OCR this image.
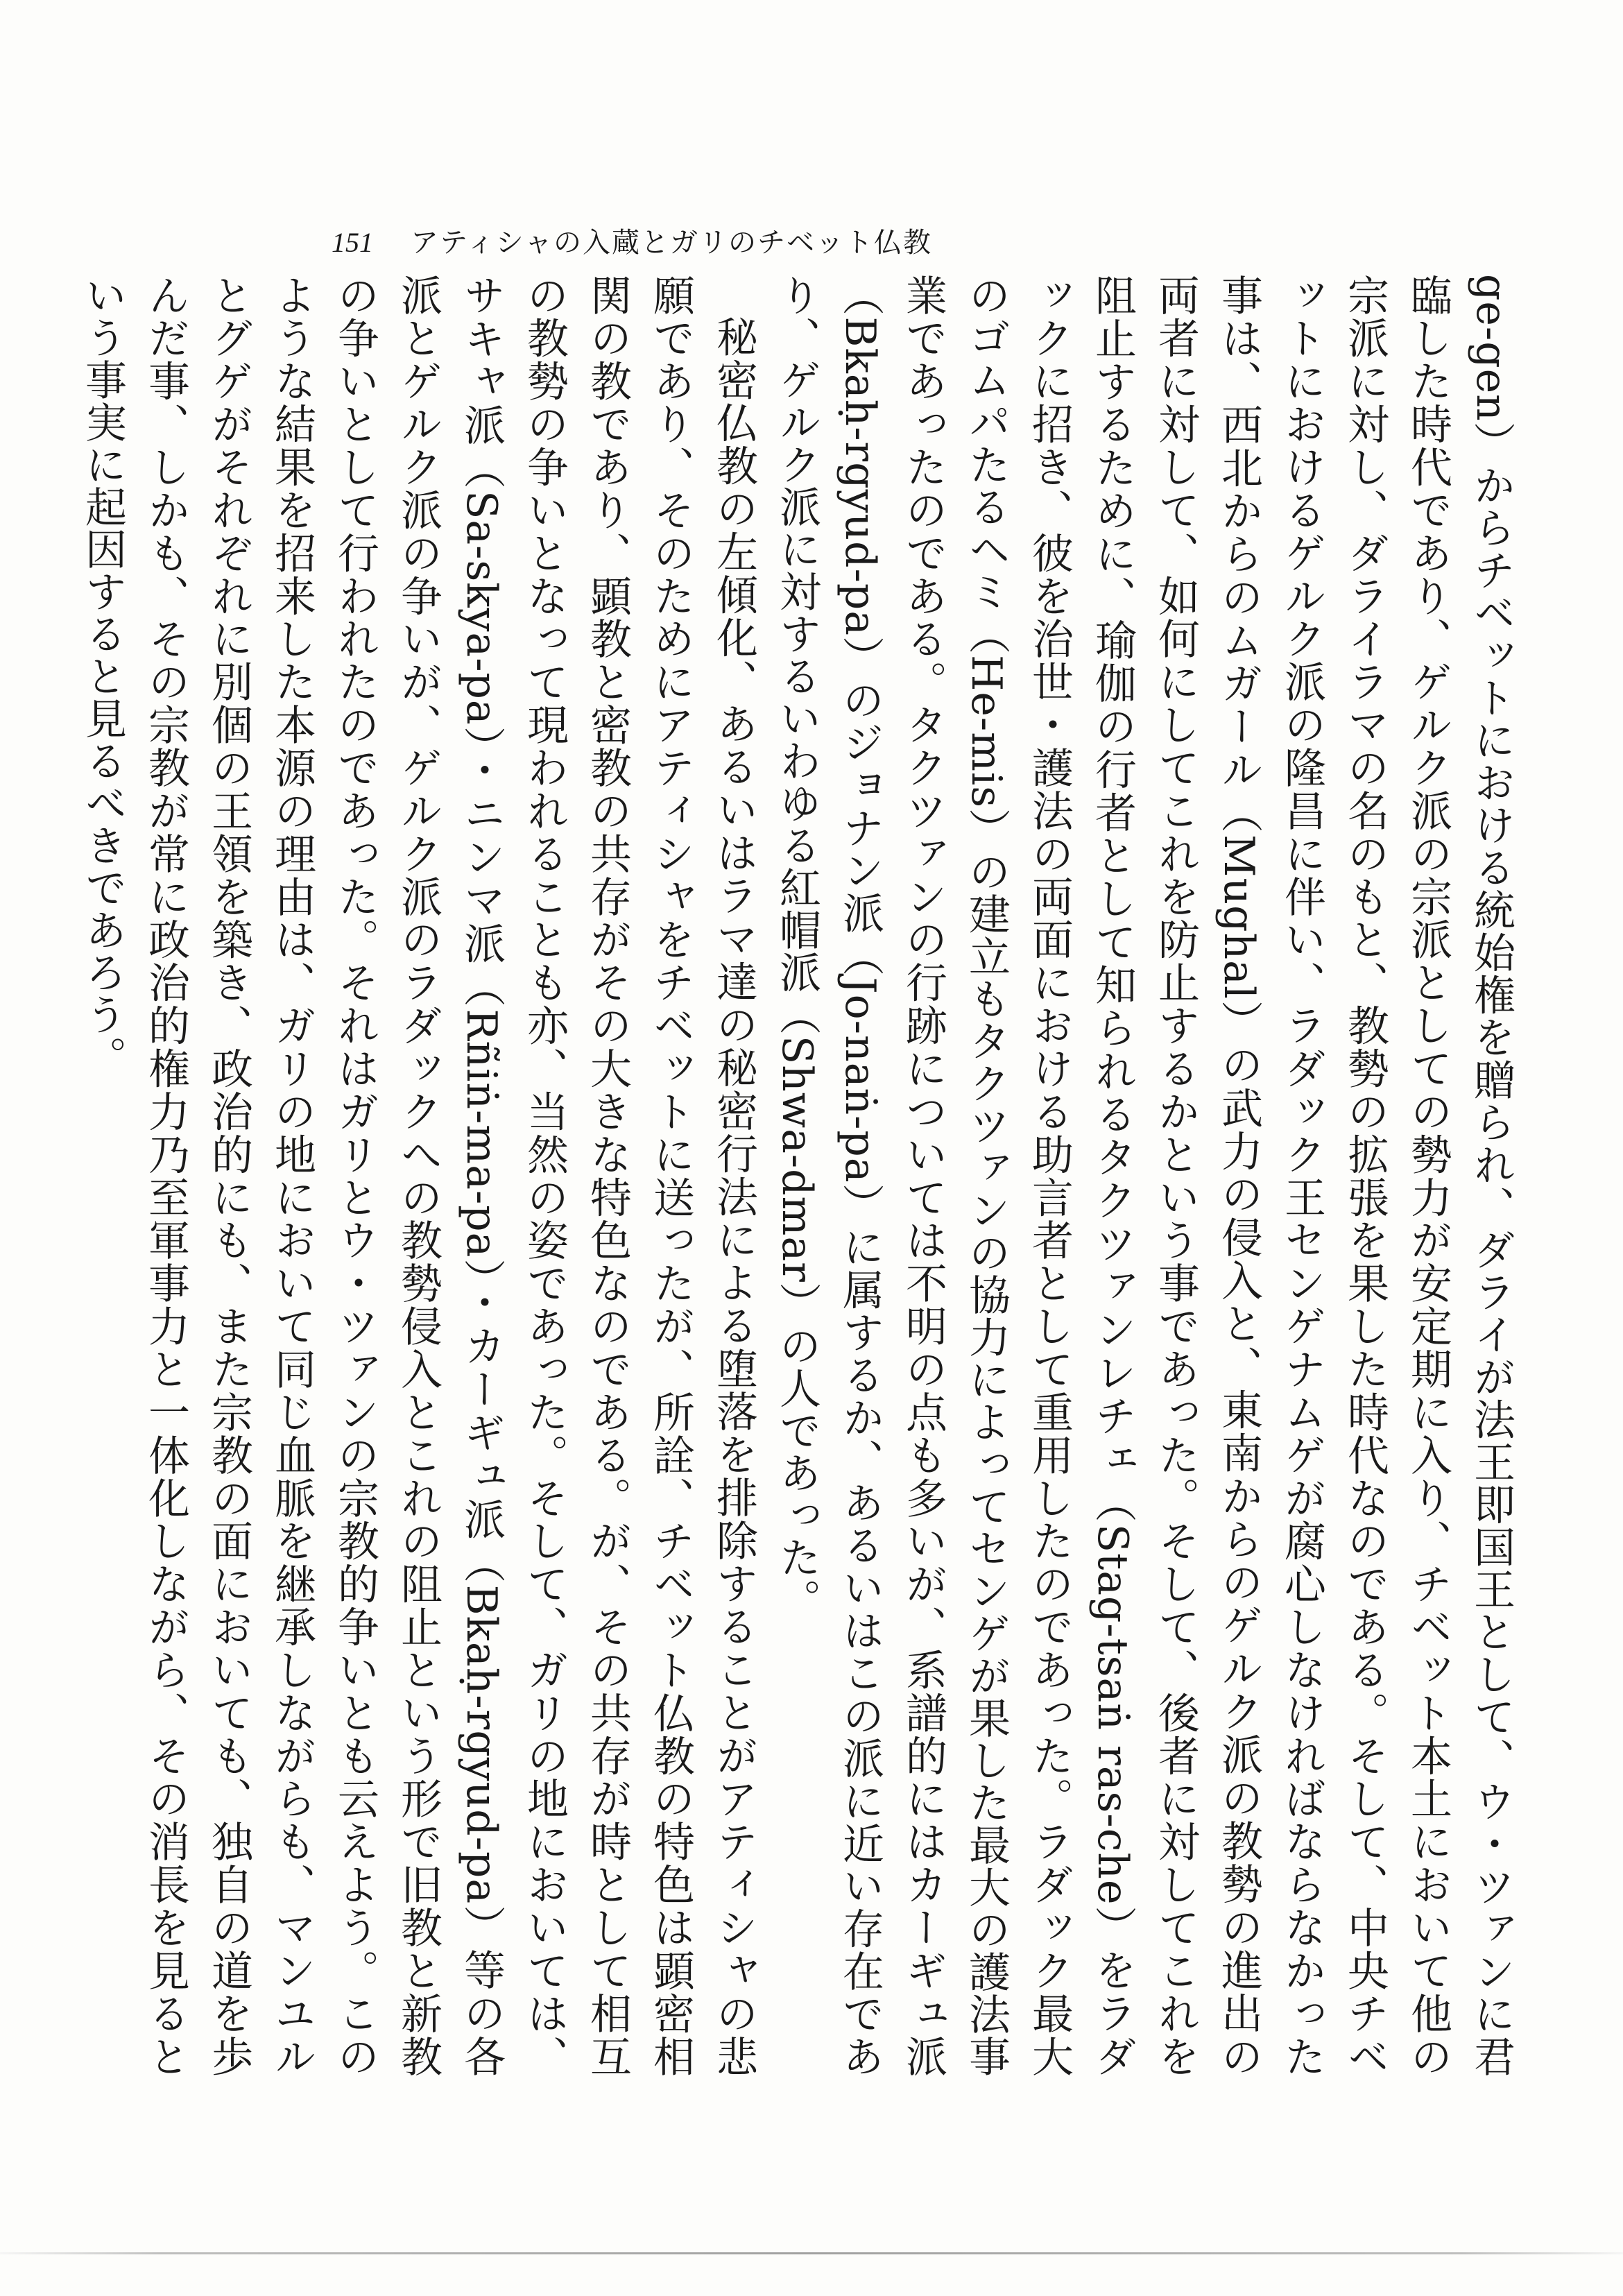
151 アティシャの入蔵とガリのチベット仏教

ge-gen）からチベットにおける統始権を贈られ、ダライが法王即国王として、ウ・ツァンに君臨した時代であり、ゲルク派の宗派としての勢力が安定期に入り、チベット本土において他の宗派に対し、ダライラマの名のもと、教勢の拡張を果した時代なのである。そして、中央チベットにおけるゲルク派の隆昌に伴い、ラダック王センゲナムゲが腐心しなければならなかった事は、西北からのムガール（Mughal）の武力の侵入と、東南からのゲルク派の教勢の進出の両者に対して、如何にしてこれを防止するかという事であった。そして、後者に対してこれを阻止するために、瑜伽の行者として知られるタクツァンレチェ（Stag-tsaṅ ras-che）をラダックに招き、彼を治世・護法の両面における助言者として重用したのであった。ラダック最大のゴムパたるヘミ（He-mis）の建立もタクツァンの協力によってセンゲが果した最大の護法事業であったのである。タクツァンの行跡については不明の点も多いが、系譜的にはカーギュ派（Bkaḥ-rgyud-pa）のジョナン派（Jo-naṅ-pa）に属するか、あるいはこの派に近い存在であり、ゲルク派に対するいわゆる紅帽派（Shwa-dmar）の人であった。

秘密仏教の左傾化、あるいはラマ達の秘密行法による堕落を排除することがアティシャの悲願であり、そのためにアティシャをチベットに送ったが、所詮、チベット仏教の特色は顕密相関の教であり、顕教と密教の共存がその大きな特色なのである。が、その共存が時として相互の教勢の争いとなって現われることも亦、当然の姿であった。そして、ガリの地においては、サキャ派（Sa-skya-pa）・ニンマ派（Rñiṅ-ma-pa）・カーギュ派（Bkaḥ-rgyud-pa）等の各派とゲルク派の争いが、ゲルク派のラダックへの教勢侵入とこれの阻止という形で旧教と新教の争いとして行われたのであった。それはガリとウ・ツァンの宗教的争いとも云えよう。このような結果を招来した本源の理由は、ガリの地において同じ血脈を継承しながらも、マンユルとグゲがそれぞれに別個の王領を築き、政治的にも、また宗教の面においても、独自の道を歩んだ事、しかも、その宗教が常に政治的権力乃至軍事力と一体化しながら、その消長を見るという事実に起因すると見るべきであろう。
